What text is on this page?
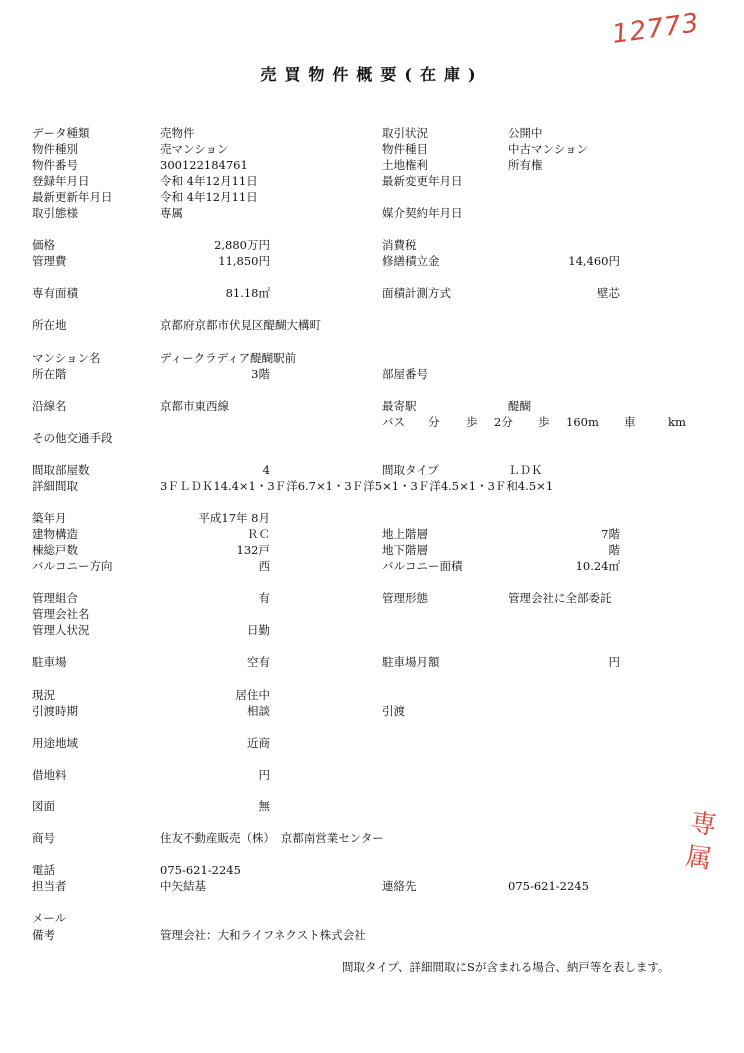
12773
専属
売買物件概要(在庫)
データ種類	売物件	取引状況	公開中
物件種別	売マンション	物件種目	中古マンション
物件番号	300122184761	土地権利	所有権
登録年月日	令和 4年12月11日	最新変更年月日
最新更新年月日	令和 4年12月11日
取引態様	専属	媒介契約年月日
価格	2,880万円	消費税
管理費	11,850円	修繕積立金	14,460円
専有面積	81.18㎡	面積計測方式	壁芯
所在地	京都府京都市伏見区醍醐大構町
マンション名	ディークラディア醍醐駅前
所在階	3階	部屋番号
沿線名	京都市東西線	最寄駅	醍醐
バス 分 歩 2分 歩 160m 車	km
その他交通手段
間取部屋数	4	間取タイプ	ＬＤＫ
詳細間取	3ＦＬＤＫ14.4×1・3Ｆ洋6.7×1・3Ｆ洋5×1・3Ｆ洋4.5×1・3Ｆ和4.5×1
築年月	平成17年 8月
建物構造	ＲＣ	地上階層	7階
棟総戸数	132戸	地下階層	階
バルコニー方向	西	バルコニー面積	10.24㎡
管理組合	有	管理形態	管理会社に全部委託
管理会社名
管理人状況	日勤
駐車場	空有	駐車場月額	円
現況	居住中
引渡時期	相談	引渡
用途地域	近商
借地料	円
図面	無
商号	住友不動産販売（株）　京都南営業センター
電話	075-621-2245
担当者	中矢結基	連絡先	075-621-2245
メール
備考	管理会社：大和ライフネクスト株式会社
間取タイプ、詳細間取にSが含まれる場合、納戸等を表します。
